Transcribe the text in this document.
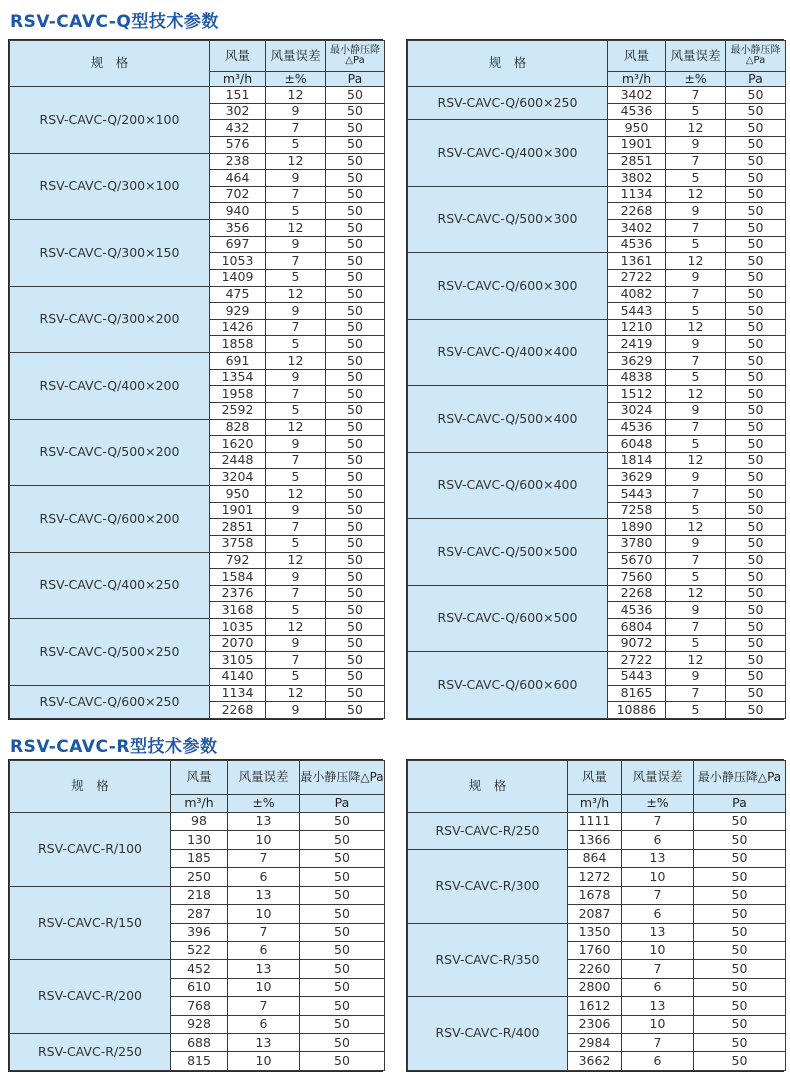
RSV-CAVC-Q型技术参数
规　格	风量	风量误差	最小静压降△Pa
	m³/h	±%	Pa
RSV-CAVC-Q/200×100	151	12	50
	302	9	50
	432	7	50
	576	5	50
RSV-CAVC-Q/300×100	238	12	50
	464	9	50
	702	7	50
	940	5	50
RSV-CAVC-Q/300×150	356	12	50
	697	9	50
	1053	7	50
	1409	5	50
RSV-CAVC-Q/300×200	475	12	50
	929	9	50
	1426	7	50
	1858	5	50
RSV-CAVC-Q/400×200	691	12	50
	1354	9	50
	1958	7	50
	2592	5	50
RSV-CAVC-Q/500×200	828	12	50
	1620	9	50
	2448	7	50
	3204	5	50
RSV-CAVC-Q/600×200	950	12	50
	1901	9	50
	2851	7	50
	3758	5	50
RSV-CAVC-Q/400×250	792	12	50
	1584	9	50
	2376	7	50
	3168	5	50
RSV-CAVC-Q/500×250	1035	12	50
	2070	9	50
	3105	7	50
	4140	5	50
RSV-CAVC-Q/600×250	1134	12	50
	2268	9	50
规　格	风量	风量误差	最小静压降△Pa
	m³/h	±%	Pa
RSV-CAVC-Q/600×250	3402	7	50
	4536	5	50
RSV-CAVC-Q/400×300	950	12	50
	1901	9	50
	2851	7	50
	3802	5	50
RSV-CAVC-Q/500×300	1134	12	50
	2268	9	50
	3402	7	50
	4536	5	50
RSV-CAVC-Q/600×300	1361	12	50
	2722	9	50
	4082	7	50
	5443	5	50
RSV-CAVC-Q/400×400	1210	12	50
	2419	9	50
	3629	7	50
	4838	5	50
RSV-CAVC-Q/500×400	1512	12	50
	3024	9	50
	4536	7	50
	6048	5	50
RSV-CAVC-Q/600×400	1814	12	50
	3629	9	50
	5443	7	50
	7258	5	50
RSV-CAVC-Q/500×500	1890	12	50
	3780	9	50
	5670	7	50
	7560	5	50
RSV-CAVC-Q/600×500	2268	12	50
	4536	9	50
	6804	7	50
	9072	5	50
RSV-CAVC-Q/600×600	2722	12	50
	5443	9	50
	8165	7	50
	10886	5	50
RSV-CAVC-R型技术参数
规　格	风量	风量误差	最小静压降△Pa
	m³/h	±%	Pa
RSV-CAVC-R/100	98	13	50
	130	10	50
	185	7	50
	250	6	50
RSV-CAVC-R/150	218	13	50
	287	10	50
	396	7	50
	522	6	50
RSV-CAVC-R/200	452	13	50
	610	10	50
	768	7	50
	928	6	50
RSV-CAVC-R/250	688	13	50
	815	10	50
规　格	风量	风量误差	最小静压降△Pa
	m³/h	±%	Pa
RSV-CAVC-R/250	1111	7	50
	1366	6	50
RSV-CAVC-R/300	864	13	50
	1272	10	50
	1678	7	50
	2087	6	50
RSV-CAVC-R/350	1350	13	50
	1760	10	50
	2260	7	50
	2800	6	50
RSV-CAVC-R/400	1612	13	50
	2306	10	50
	2984	7	50
	3662	6	50
